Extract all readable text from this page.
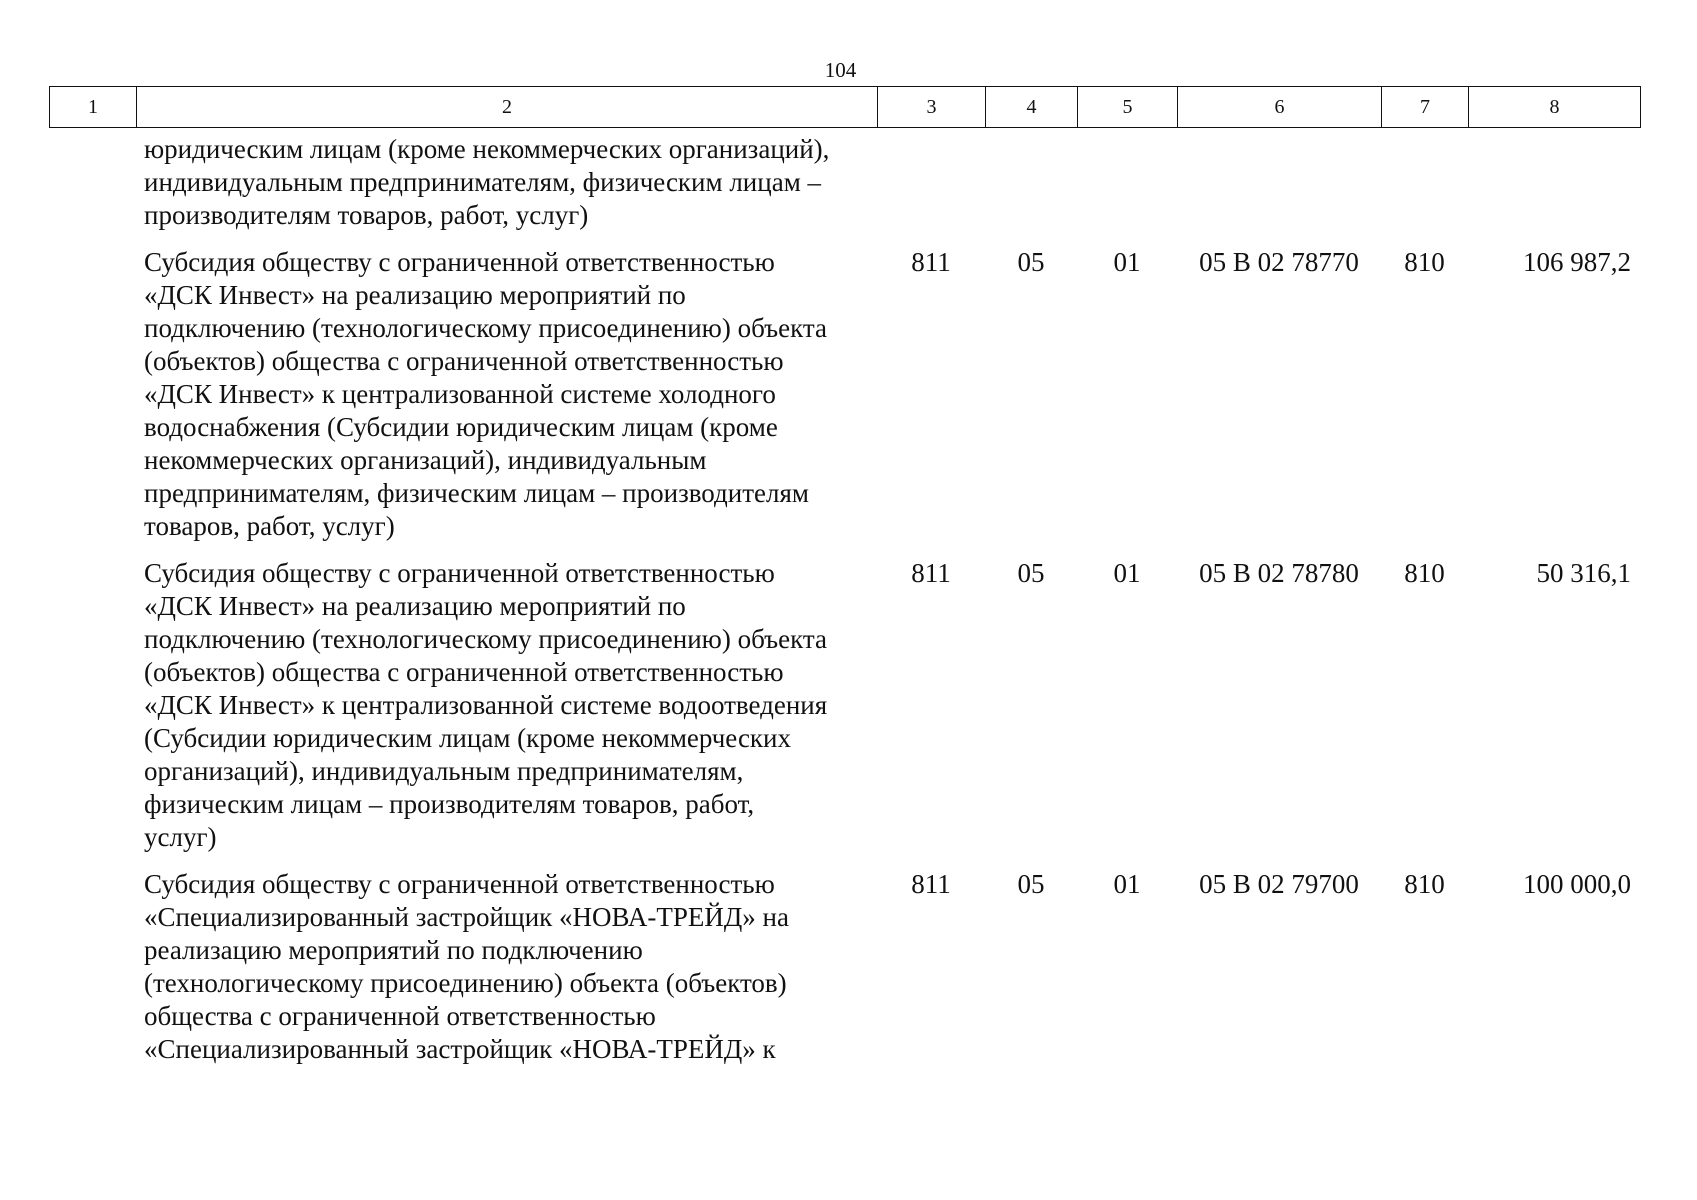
104
1	2	3	4	5	6	7	8
юридическим лицам (кроме некоммерческих организаций),
индивидуальным предпринимателям, физическим лицам –
производителям товаров, работ, услуг)
Субсидия обществу с ограниченной ответственностью
«ДСК Инвест» на реализацию мероприятий по
подключению (технологическому присоединению) объекта
(объектов) общества с ограниченной ответственностью
«ДСК Инвест» к централизованной системе холодного
водоснабжения (Субсидии юридическим лицам (кроме
некоммерческих организаций), индивидуальным
предпринимателям, физическим лицам – производителям
товаров, работ, услуг)
811	05	01	05 В 02 78770	810	106 987,2
Субсидия обществу с ограниченной ответственностью
«ДСК Инвест» на реализацию мероприятий по
подключению (технологическому присоединению) объекта
(объектов) общества с ограниченной ответственностью
«ДСК Инвест» к централизованной системе водоотведения
(Субсидии юридическим лицам (кроме некоммерческих
организаций), индивидуальным предпринимателям,
физическим лицам – производителям товаров, работ,
услуг)
811	05	01	05 В 02 78780	810	50 316,1
Субсидия обществу с ограниченной ответственностью
«Специализированный застройщик «НОВА-ТРЕЙД» на
реализацию мероприятий по подключению
(технологическому присоединению) объекта (объектов)
общества с ограниченной ответственностью
«Специализированный застройщик «НОВА-ТРЕЙД» к
811	05	01	05 В 02 79700	810	100 000,0
